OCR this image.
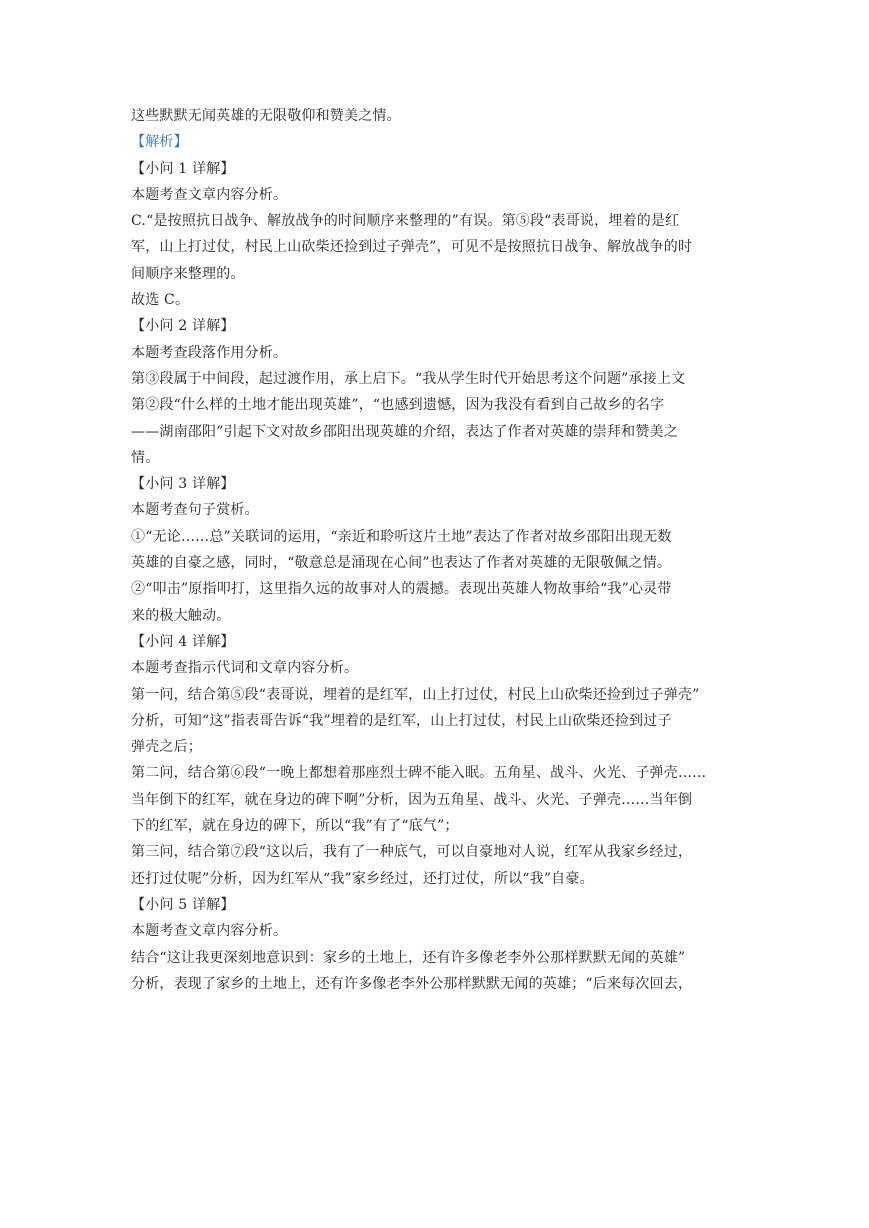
这些默默无闻英雄的无限敬仰和赞美之情。
【解析】
【小问 1 详解】
本题考查文章内容分析。
C.“是按照抗日战争、解放战争的时间顺序来整理的”有误。第⑤段“表哥说，埋着的是红
军，山上打过仗，村民上山砍柴还捡到过子弹壳”，可见不是按照抗日战争、解放战争的时
间顺序来整理的。
故选 C。
【小问 2 详解】
本题考查段落作用分析。
第③段属于中间段，起过渡作用，承上启下。“我从学生时代开始思考这个问题”承接上文
第②段“什么样的土地才能出现英雄”，“也感到遗憾，因为我没有看到自己故乡的名字
——湖南邵阳”引起下文对故乡邵阳出现英雄的介绍，表达了作者对英雄的崇拜和赞美之
情。
【小问 3 详解】
本题考查句子赏析。
①“无论……总”关联词的运用，“亲近和聆听这片土地”表达了作者对故乡邵阳出现无数
英雄的自豪之感，同时，“敬意总是涌现在心间”也表达了作者对英雄的无限敬佩之情。
②“叩击”原指叩打，这里指久远的故事对人的震撼。表现出英雄人物故事给“我”心灵带
来的极大触动。
【小问 4 详解】
本题考查指示代词和文章内容分析。
第一问，结合第⑤段“表哥说，埋着的是红军，山上打过仗，村民上山砍柴还捡到过子弹壳”
分析，可知“这”指表哥告诉“我”埋着的是红军，山上打过仗，村民上山砍柴还捡到过子
弹壳之后；
第二问，结合第⑥段“一晚上都想着那座烈士碑不能入眠。五角星、战斗、火光、子弹壳……
当年倒下的红军，就在身边的碑下啊”分析，因为五角星、战斗、火光、子弹壳……当年倒
下的红军，就在身边的碑下，所以“我”有了“底气”；
第三问，结合第⑦段“这以后，我有了一种底气，可以自豪地对人说，红军从我家乡经过，
还打过仗呢”分析，因为红军从“我”家乡经过，还打过仗，所以“我”自豪。
【小问 5 详解】
本题考查文章内容分析。
结合“这让我更深刻地意识到：家乡的土地上，还有许多像老李外公那样默默无闻的英雄”
分析，表现了家乡的土地上，还有许多像老李外公那样默默无闻的英雄；“后来每次回去，
